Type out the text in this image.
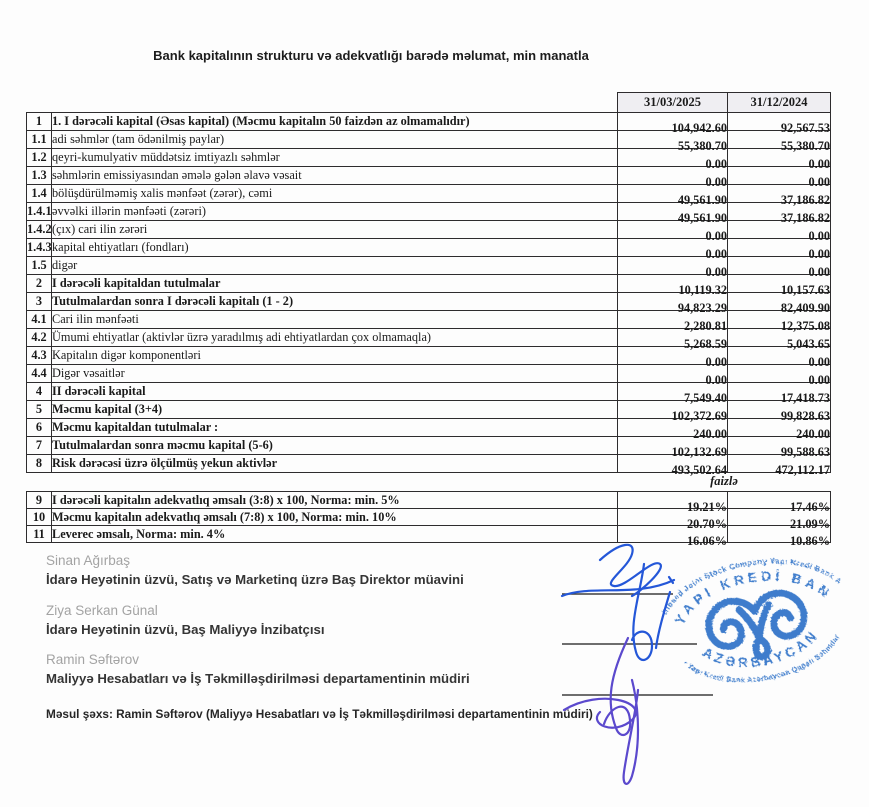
Bank kapitalının strukturu və adekvatlığı barədə məlumat, min manatla
		31/03/2025	31/12/2024
1	1. I dərəcəli kapital (Əsas kapital) (Məcmu kapitalın 50 faizdən az olmamalıdır)	104,942.60	92,567.53
1.1	adi səhmlər (tam ödənilmiş paylar)	55,380.70	55,380.70
1.2	qeyri-kumulyativ müddətsiz imtiyazlı səhmlər	0.00	0.00
1.3	səhmlərin emissiyasından əmələ gələn əlavə vəsait	0.00	0.00
1.4	bölüşdürülməmiş xalis mənfəət (zərər), cəmi	49,561.90	37,186.82
1.4.1	əvvəlki illərin mənfəəti (zərəri)	49,561.90	37,186.82
1.4.2	(çıx) cari ilin zərəri	0.00	0.00
1.4.3	kapital ehtiyatları (fondları)	0.00	0.00
1.5	digər	0.00	0.00
2	I dərəcəli kapitaldan tutulmalar	10,119.32	10,157.63
3	Tutulmalardan sonra I dərəcəli kapitalı (1 - 2)	94,823.29	82,409.90
4.1	Cari ilin mənfəəti	2,280.81	12,375.08
4.2	Ümumi ehtiyatlar (aktivlər üzrə yaradılmış adi ehtiyatlardan çox olmamaqla)	5,268.59	5,043.65
4.3	Kapitalın digər komponentləri	0.00	0.00
4.4	Digər vəsaitlər	0.00	0.00
4	II dərəcəli kapital	7,549.40	17,418.73
5	Məcmu kapital (3+4)	102,372.69	99,828.63
6	Məcmu kapitaldan tutulmalar :	240.00	240.00
7	Tutulmalardan sonra məcmu kapital (5-6)	102,132.69	99,588.63
8	Risk dərəcəsi üzrə ölçülmüş yekun aktivlər	493,502.64	472,112.17
		faizlə	
9	I dərəcəli kapitalın adekvatlıq əmsalı (3:8) x 100, Norma: min. 5%	19.21%	17.46%
10	Məcmu kapitalın adekvatlıq əmsalı (7:8) x 100, Norma: min. 10%	20.70%	21.09%
11	Leverec əmsalı, Norma: min. 4%	16.06%	10.86%
Sinan Ağırbaş
İdarə Heyətinin üzvü, Satış və Marketinq üzrə Baş Direktor müavini
Ziya Serkan Günal
İdarə Heyətinin üzvü, Baş Maliyyə İnzibatçısı
Ramin Səftərov
Maliyyə Hesabatları və İş Təkmilləşdirilməsi departamentinin müdiri
Məsul şəxs: Ramin Səftərov (Maliyyə Hesabatları və İş Təkmilləşdirilməsi departamentinin müdiri)
Closed Joint Stock Company Yapı Kredi Bank A
• Yapı Kredi Bank Azərbaycan Qapalı Səhmdar
YAPI KREDİ BAN
AZƏRBAYCAN
